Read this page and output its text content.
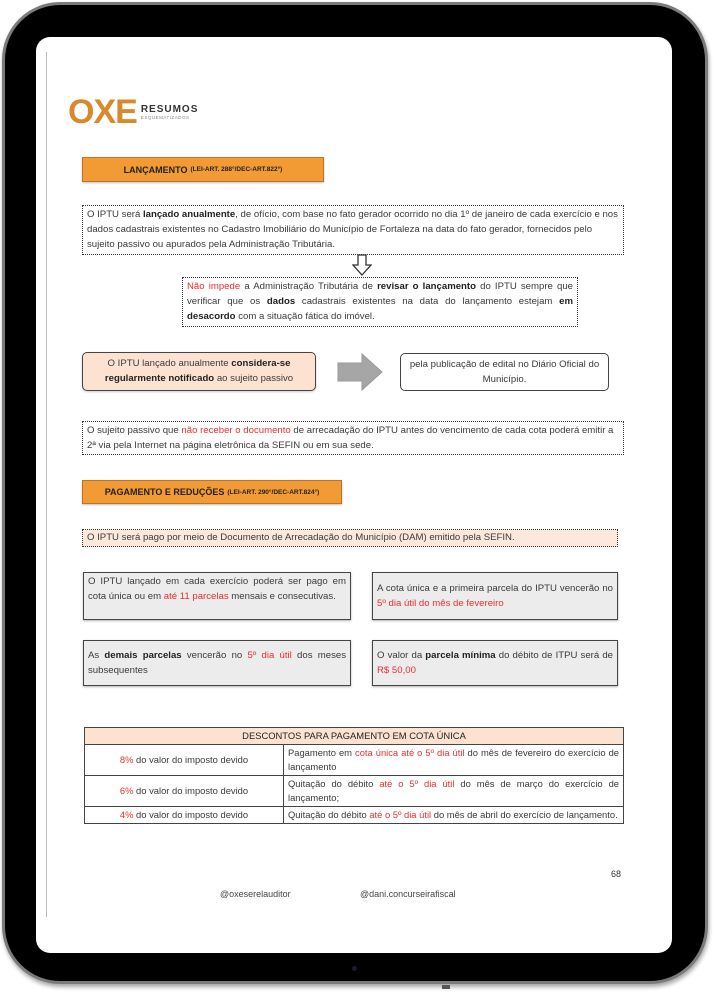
OXE RESUMOS
ESQUEMATIZADOS
LANÇAMENTO (LEI-ART. 288°/DEC-ART.822°)
O IPTU será lançado anualmente, de ofício, com base no fato gerador ocorrido no dia 1º de janeiro de cada exercício e nos dados cadastrais existentes no Cadastro Imobiliário do Município de Fortaleza na data do fato gerador, fornecidos pelo sujeito passivo ou apurados pela Administração Tributária.
Não impede a Administração Tributária de revisar o lançamento do IPTU sempre que verificar que os dados cadastrais existentes na data do lançamento estejam em desacordo com a situação fática do imóvel.
O IPTU lançado anualmente considera-se regularmente notificado ao sujeito passivo
pela publicação de edital no Diário Oficial do Município.
O sujeito passivo que não receber o documento de arrecadação do IPTU antes do vencimento de cada cota poderá emitir a 2ª via pela Internet na página eletrônica da SEFIN ou em sua sede.
PAGAMENTO E REDUÇÕES (LEI-ART. 290°/DEC-ART.824°)
O IPTU será pago por meio de Documento de Arrecadação do Município (DAM) emitido pela SEFIN.
O IPTU lançado em cada exercício poderá ser pago em cota única ou em até 11 parcelas mensais e consecutivas.
A cota única e a primeira parcela do IPTU vencerão no 5º dia útil do mês de fevereiro
As demais parcelas vencerão no 5º dia útil dos meses subsequentes
O valor da parcela mínima do débito de ITPU será de R$ 50,00
DESCONTOS PARA PAGAMENTO EM COTA ÚNICA	
8% do valor do imposto devido	Pagamento em cota única até o 5º dia útil do mês de fevereiro do exercício de lançamento
6% do valor do imposto devido	Quitação do débito até o 5º dia útil do mês de março do exercício de lançamento;
4% do valor do imposto devido	Quitação do débito até o 5º dia útil do mês de abril do exercício de lançamento.
68
@oxeserelauditor	@dani.concurseirafiscal
